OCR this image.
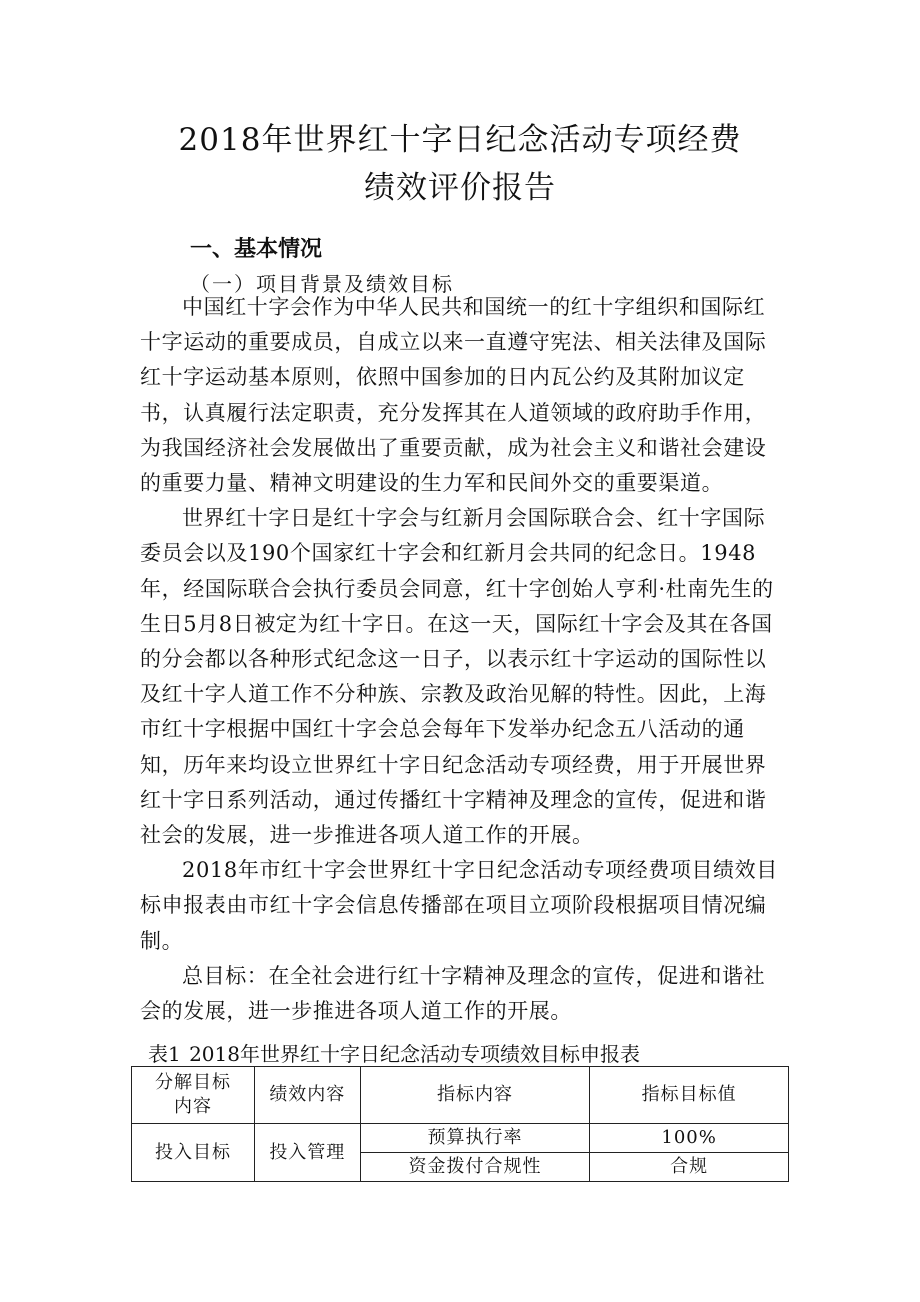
2018年世界红十字日纪念活动专项经费
绩效评价报告
一、基本情况
（一）项目背景及绩效目标

中国红十字会作为中华人民共和国统一的红十字组织和国际红十字运动的重要成员，自成立以来一直遵守宪法、相关法律及国际红十字运动基本原则，依照中国参加的日内瓦公约及其附加议定书，认真履行法定职责，充分发挥其在人道领域的政府助手作用，为我国经济社会发展做出了重要贡献，成为社会主义和谐社会建设的重要力量、精神文明建设的生力军和民间外交的重要渠道。

世界红十字日是红十字会与红新月会国际联合会、红十字国际委员会以及190个国家红十字会和红新月会共同的纪念日。1948年，经国际联合会执行委员会同意，红十字创始人亨利·杜南先生的生日5月8日被定为红十字日。在这一天，国际红十字会及其在各国的分会都以各种形式纪念这一日子，以表示红十字运动的国际性以及红十字人道工作不分种族、宗教及政治见解的特性。因此，上海市红十字根据中国红十字会总会每年下发举办纪念五八活动的通知，历年来均设立世界红十字日纪念活动专项经费，用于开展世界红十字日系列活动，通过传播红十字精神及理念的宣传，促进和谐社会的发展，进一步推进各项人道工作的开展。

2018年市红十字会世界红十字日纪念活动专项经费项目绩效目标申报表由市红十字会信息传播部在项目立项阶段根据项目情况编制。

总目标：在全社会进行红十字精神及理念的宣传，促进和谐社会的发展，进一步推进各项人道工作的开展。

表1 2018年世界红十字日纪念活动专项绩效目标申报表
分解目标内容	绩效内容	指标内容	指标目标值
投入目标	投入管理	预算执行率	100%
		资金拨付合规性	合规
